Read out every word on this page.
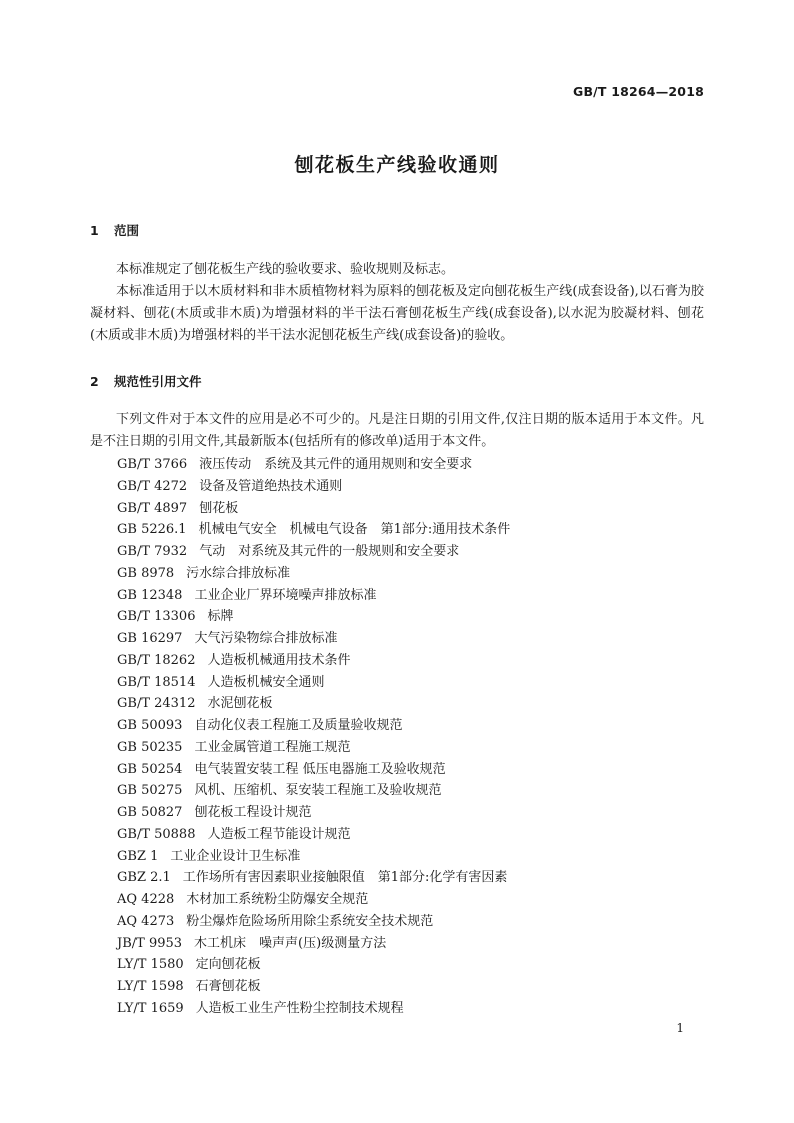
GB/T 18264—2018
刨花板生产线验收通则
1 范围

本标准规定了刨花板生产线的验收要求、验收规则及标志。

本标准适用于以木质材料和非木质植物材料为原料的刨花板及定向刨花板生产线(成套设备),以石膏为胶凝材料、刨花(木质或非木质)为增强材料的半干法石膏刨花板生产线(成套设备),以水泥为胶凝材料、刨花(木质或非木质)为增强材料的半干法水泥刨花板生产线(成套设备)的验收。

2 规范性引用文件

下列文件对于本文件的应用是必不可少的。凡是注日期的引用文件,仅注日期的版本适用于本文件。凡是不注日期的引用文件,其最新版本(包括所有的修改单)适用于本文件。

GB/T 3766 液压传动　系统及其元件的通用规则和安全要求
GB/T 4272 设备及管道绝热技术通则
GB/T 4897 刨花板
GB 5226.1 机械电气安全　机械电气设备　第1部分:通用技术条件
GB/T 7932 气动　对系统及其元件的一般规则和安全要求
GB 8978 污水综合排放标准
GB 12348 工业企业厂界环境噪声排放标准
GB/T 13306 标牌
GB 16297 大气污染物综合排放标准
GB/T 18262 人造板机械通用技术条件
GB/T 18514 人造板机械安全通则
GB/T 24312 水泥刨花板
GB 50093 自动化仪表工程施工及质量验收规范
GB 50235 工业金属管道工程施工规范
GB 50254 电气装置安装工程 低压电器施工及验收规范
GB 50275 风机、压缩机、泵安装工程施工及验收规范
GB 50827 刨花板工程设计规范
GB/T 50888 人造板工程节能设计规范
GBZ 1 工业企业设计卫生标准
GBZ 2.1 工作场所有害因素职业接触限值　第1部分:化学有害因素
AQ 4228 木材加工系统粉尘防爆安全规范
AQ 4273 粉尘爆炸危险场所用除尘系统安全技术规范
JB/T 9953 木工机床　噪声声(压)级测量方法
LY/T 1580 定向刨花板
LY/T 1598 石膏刨花板
LY/T 1659 人造板工业生产性粉尘控制技术规程
1
